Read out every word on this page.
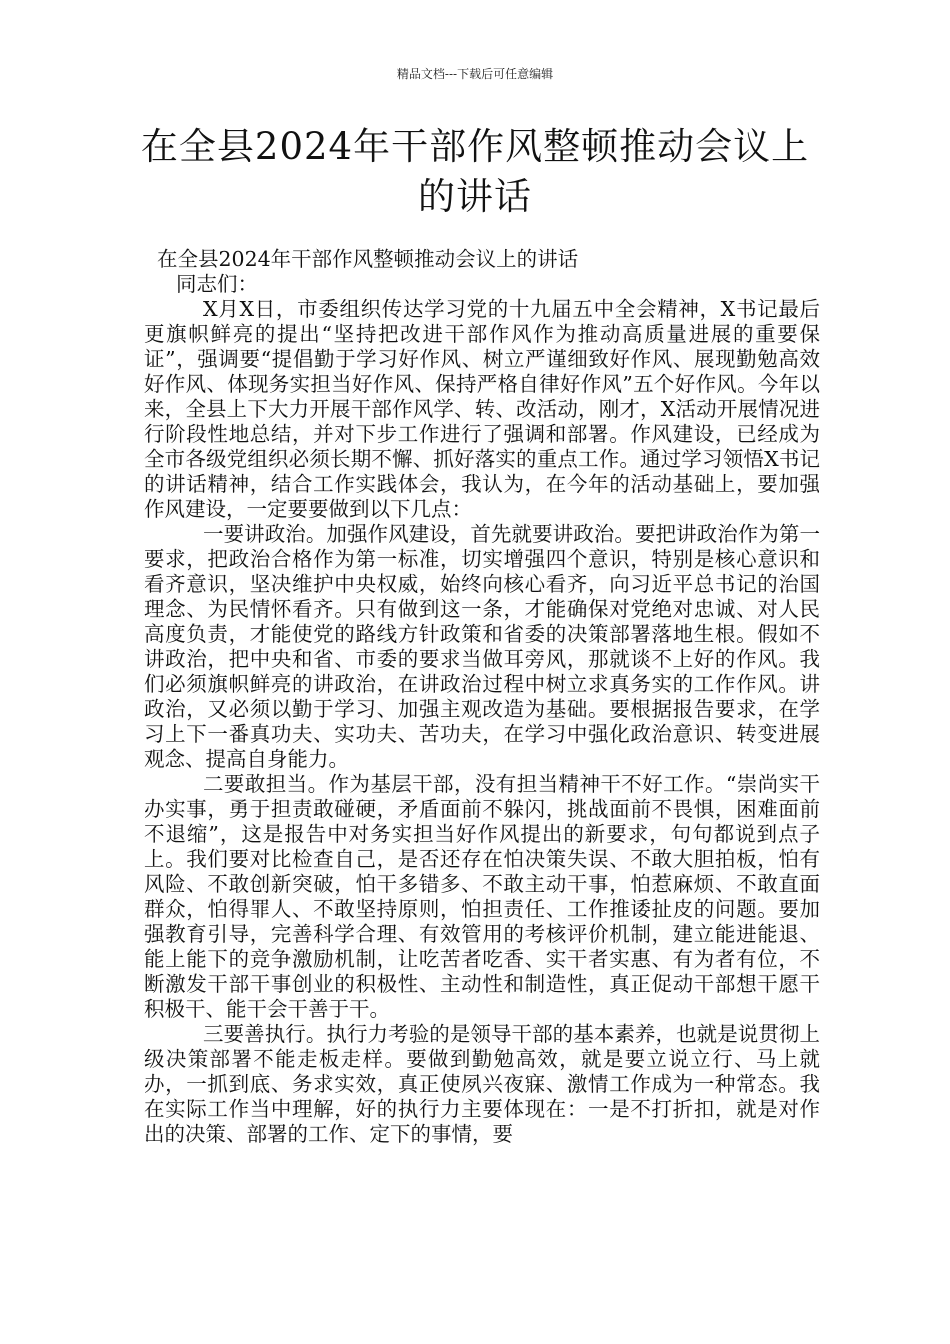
精品文档---下载后可任意编辑
在全县2024年干部作风整顿推动会议上的讲话

在全县2024年干部作风整顿推动会议上的讲话

同志们：

X月X日，市委组织传达学习党的十九届五中全会精神，X书记最后更旗帜鲜亮的提出“坚持把改进干部作风作为推动高质量进展的重要保证”，强调要“提倡勤于学习好作风、树立严谨细致好作风、展现勤勉高效好作风、体现务实担当好作风、保持严格自律好作风”五个好作风。今年以来，全县上下大力开展干部作风学、转、改活动，刚才，X活动开展情况进行阶段性地总结，并对下步工作进行了强调和部署。作风建设，已经成为全市各级党组织必须长期不懈、抓好落实的重点工作。通过学习领悟X书记的讲话精神，结合工作实践体会，我认为，在今年的活动基础上，要加强作风建设，一定要要做到以下几点：

一要讲政治。加强作风建设，首先就要讲政治。要把讲政治作为第一要求，把政治合格作为第一标准，切实增强四个意识，特别是核心意识和看齐意识，坚决维护中央权威，始终向核心看齐，向习近平总书记的治国理念、为民情怀看齐。只有做到这一条，才能确保对党绝对忠诚、对人民高度负责，才能使党的路线方针政策和省委的决策部署落地生根。假如不讲政治，把中央和省、市委的要求当做耳旁风，那就谈不上好的作风。我们必须旗帜鲜亮的讲政治，在讲政治过程中树立求真务实的工作作风。讲政治，又必须以勤于学习、加强主观改造为基础。要根据报告要求，在学习上下一番真功夫、实功夫、苦功夫，在学习中强化政治意识、转变进展观念、提高自身能力。

二要敢担当。作为基层干部，没有担当精神干不好工作。“崇尚实干办实事，勇于担责敢碰硬，矛盾面前不躲闪，挑战面前不畏惧，困难面前不退缩”，这是报告中对务实担当好作风提出的新要求，句句都说到点子上。我们要对比检查自己，是否还存在怕决策失误、不敢大胆拍板，怕有风险、不敢创新突破，怕干多错多、不敢主动干事，怕惹麻烦、不敢直面群众，怕得罪人、不敢坚持原则，怕担责任、工作推诿扯皮的问题。要加强教育引导，完善科学合理、有效管用的考核评价机制，建立能进能退、能上能下的竞争激励机制，让吃苦者吃香、实干者实惠、有为者有位，不断激发干部干事创业的积极性、主动性和制造性，真正促动干部想干愿干积极干、能干会干善于干。

三要善执行。执行力考验的是领导干部的基本素养，也就是说贯彻上级决策部署不能走板走样。要做到勤勉高效，就是要立说立行、马上就办，一抓到底、务求实效，真正使夙兴夜寐、激情工作成为一种常态。我在实际工作当中理解，好的执行力主要体现在：一是不打折扣，就是对作出的决策、部署的工作、定下的事情，要
